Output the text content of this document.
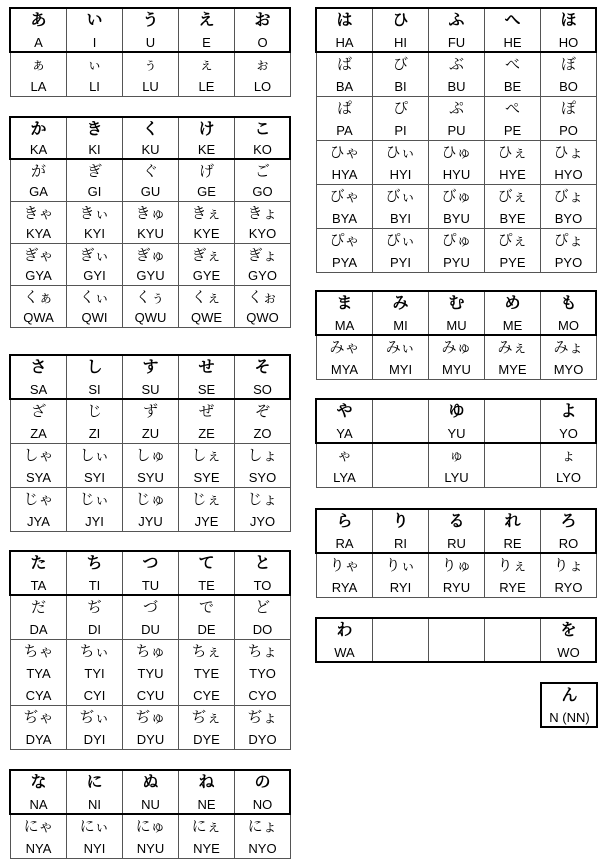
あ	い	う	え	お
A	I	U	E	O
ぁ	ぃ	ぅ	ぇ	ぉ
LA	LI	LU	LE	LO
か	き	く	け	こ
KA	KI	KU	KE	KO
が	ぎ	ぐ	げ	ご
GA	GI	GU	GE	GO
きゃ	きぃ	きゅ	きぇ	きょ
KYA	KYI	KYU	KYE	KYO
ぎゃ	ぎぃ	ぎゅ	ぎぇ	ぎょ
GYA	GYI	GYU	GYE	GYO
くぁ	くぃ	くぅ	くぇ	くぉ
QWA	QWI	QWU	QWE	QWO
さ	し	す	せ	そ
SA	SI	SU	SE	SO
ざ	じ	ず	ぜ	ぞ
ZA	ZI	ZU	ZE	ZO
しゃ	しぃ	しゅ	しぇ	しょ
SYA	SYI	SYU	SYE	SYO
じゃ	じぃ	じゅ	じぇ	じょ
JYA	JYI	JYU	JYE	JYO
た	ち	つ	て	と
TA	TI	TU	TE	TO
だ	ぢ	づ	で	ど
DA	DI	DU	DE	DO
ちゃ	ちぃ	ちゅ	ちぇ	ちょ
TYA	TYI	TYU	TYE	TYO
CYA	CYI	CYU	CYE	CYO
ぢゃ	ぢぃ	ぢゅ	ぢぇ	ぢょ
DYA	DYI	DYU	DYE	DYO
な	に	ぬ	ね	の
NA	NI	NU	NE	NO
にゃ	にぃ	にゅ	にぇ	にょ
NYA	NYI	NYU	NYE	NYO
は	ひ	ふ	へ	ほ
HA	HI	FU	HE	HO
ば	び	ぶ	べ	ぼ
BA	BI	BU	BE	BO
ぱ	ぴ	ぷ	ぺ	ぽ
PA	PI	PU	PE	PO
ひゃ	ひぃ	ひゅ	ひぇ	ひょ
HYA	HYI	HYU	HYE	HYO
びゃ	びぃ	びゅ	びぇ	びょ
BYA	BYI	BYU	BYE	BYO
ぴゃ	ぴぃ	ぴゅ	ぴぇ	ぴょ
PYA	PYI	PYU	PYE	PYO
ま	み	む	め	も
MA	MI	MU	ME	MO
みゃ	みぃ	みゅ	みぇ	みょ
MYA	MYI	MYU	MYE	MYO
や		ゆ		よ
YA		YU		YO
ゃ		ゅ		ょ
LYA		LYU		LYO
ら	り	る	れ	ろ
RA	RI	RU	RE	RO
りゃ	りぃ	りゅ	りぇ	りょ
RYA	RYI	RYU	RYE	RYO
わ				を
WA				WO
ん
N (NN)
